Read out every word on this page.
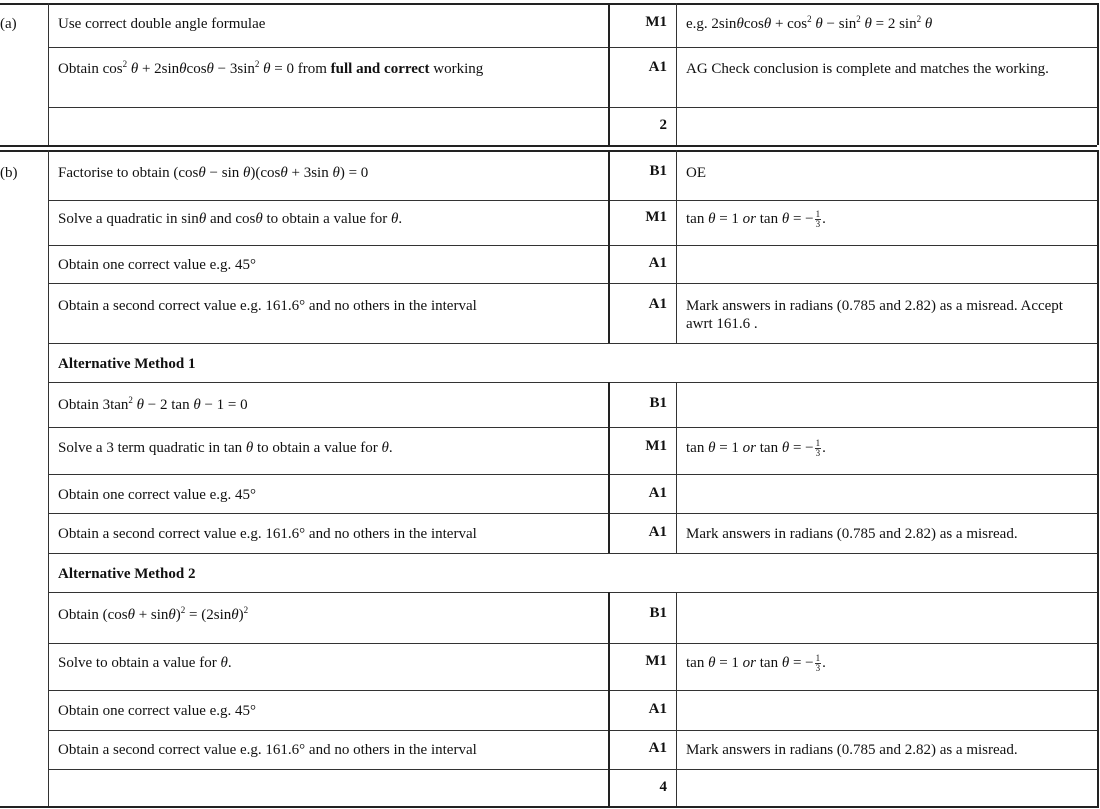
(a)	Use correct double angle formulae	M1 e.g. $2\sin\theta\cos\theta + \cos^2 \theta - \sin^2 \theta = 2$ $\sin^2 \theta$
Obtain $\cos^2 \theta + 2\sin\theta\cos\theta - 3\sin^2$ θ = 0 from full and correct working	A1 AG Check conclusion is complete and matches the working.
2
(b)	Factorise to obtain (cosθ − sin θ)(cosθ + 3sin θ) = 0	B1 OE
Solve a quadratic in sinθ and cosθ to obtain a value for θ.	M1 tan θ = 1 or tan θ = − $\frac{1}{3}$ .
Obtain one correct value e.g. 45°	A1
Obtain a second correct value e.g. 161.6° and no others in the interval	A1 Mark answers in radians (0.785 and 2.82) as a misread. Accept awrt 161.6 .
Alternative Method 1
Obtain $3\tan^2$ θ − 2 tan θ − 1 = 0	B1
Solve a 3 term quadratic in tan θ to obtain a value for θ.	M1 tan θ = 1 or tan θ = − $\frac{1}{3}$ .
Obtain one correct value e.g. 45°	A1
Obtain a second correct value e.g. 161.6° and no others in the interval	A1 Mark answers in radians (0.785 and 2.82) as a misread.
Alternative Method 2
Obtain $(\cos\theta + \sin\theta)^2 = (2\sin\theta)^2$	B1
Solve to obtain a value for θ.	M1 tan θ = 1 or tan θ = − $\frac{1}{3}$ .
Obtain one correct value e.g. 45°	A1
Obtain a second correct value e.g. 161.6° and no others in the interval	A1 Mark answers in radians (0.785 and 2.82) as a misread.
4
